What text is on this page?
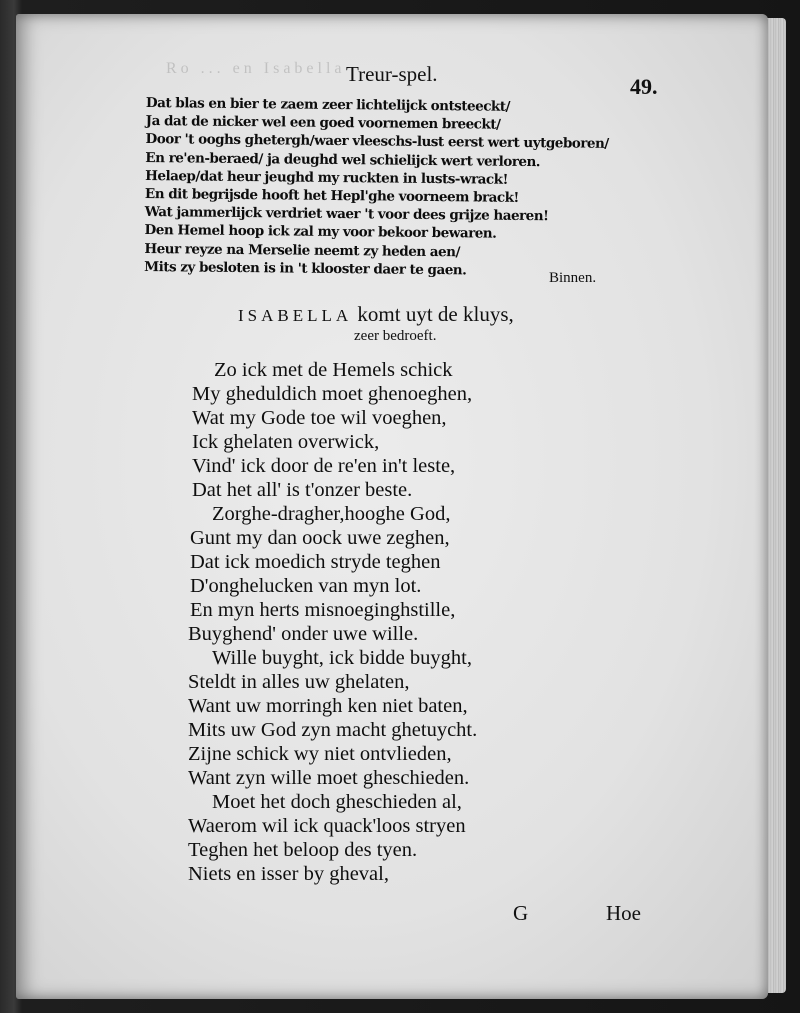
Ro ... en Isabella Treur-spel.	49.
Dat blas en bier te zaem zeer lichtelijck ontsteeckt/
Ja dat de nicker wel een goed voornemen breeckt/
Door 't ooghs ghetergh/waer vleeschs-lust eerst wert uytgeboren/
En re'en-beraed/ ja deughd wel schielijck wert verloren.
Helaep/dat heur jeughd my ruckten in lusts-wrack!
En dit begrijsde hooft het Hepl'ghe voorneem brack!
Wat jammerlijck verdriet waer 't voor dees grijze haeren!
Den Hemel hoop ick zal my voor bekoor bewaren.
Heur reyze na Merselie neemt zy heden aen/
Mits zy besloten is in 't klooster daer te gaen.	Binnen.
ISABELLA komt uyt de kluys,
zeer bedroeft.
Zo ick met de Hemels schick
My gheduldich moet ghenoeghen,
Wat my Gode toe wil voeghen,
Ick ghelaten overwick,
Vind' ick door de re'en in't leste,
Dat het all' is t'onzer beste.
Zorghe-dragher,hooghe God,
Gunt my dan oock uwe zeghen,
Dat ick moedich stryde teghen
D'onghelucken van myn lot.
En myn herts misnoeginghstille,
Buyghend' onder uwe wille.
Wille buyght, ick bidde buyght,
Steldt in alles uw ghelaten,
Want uw morringh ken niet baten,
Mits uw God zyn macht ghetuycht.
Zijne schick wy niet ontvlieden,
Want zyn wille moet gheschieden.
Moet het doch gheschieden al,
Waerom wil ick quack'loos stryen
Teghen het beloop des tyen.
Niets en isser by gheval,
G	Hoe
